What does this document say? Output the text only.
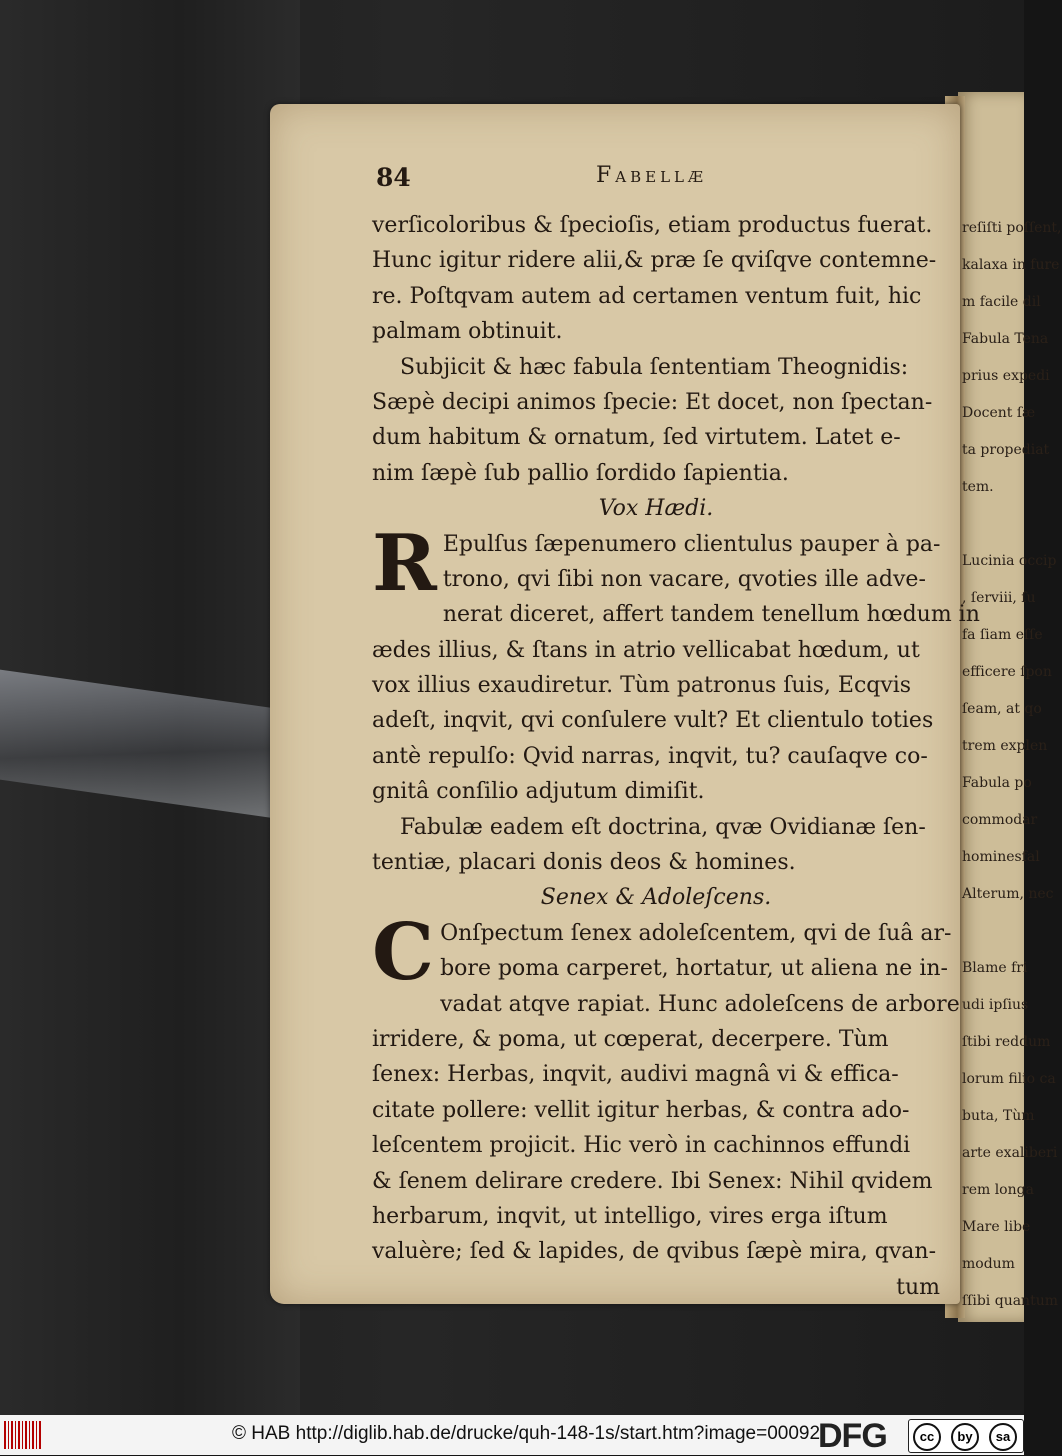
84	Fabellæ
verſicoloribus & ſpecioſis, etiam productus fuerat.
Hunc igitur ridere alii,& præ ſe qviſqve contemne-
re. Poſtqvam autem ad certamen ventum fuit, hic
palmam obtinuit.
Subjicit & hæc fabula ſententiam Theognidis:
Sæpè decipi animos ſpecie: Et docet, non ſpectan-
dum habitum & ornatum, ſed virtutem. Latet e-
nim ſæpè ſub pallio ſordido ſapientia.
Vox Hædi.
R Epulſus ſæpenumero clientulus pauper à pa-
trono, qvi ſibi non vacare, qvoties ille adve-
nerat diceret, affert tandem tenellum hœdum in
ædes illius, & ſtans in atrio vellicabat hœdum, ut
vox illius exaudiretur. Tùm patronus ſuis, Ecqvis
adeſt, inqvit, qvi conſulere vult? Et clientulo toties
antè repulſo: Qvid narras, inqvit, tu? cauſaqve co-
gnitâ conſilio adjutum dimiſit.
Fabulæ eadem eſt doctrina, qvæ Ovidianæ ſen-
tentiæ, placari donis deos & homines.
Senex & Adoleſcens.
C Onſpectum ſenex adoleſcentem, qvi de ſuâ ar-
bore poma carperet, hortatur, ut aliena ne in-
vadat atqve rapiat. Hunc adoleſcens de arbore
irridere, & poma, ut cœperat, decerpere. Tùm
ſenex: Herbas, inqvit, audivi magnâ vi & effica-
citate pollere: vellit igitur herbas, & contra ado-
leſcentem projicit. Hic verò in cachinnos effundi
& ſenem delirare credere. Ibi Senex: Nihil qvidem
herbarum, inqvit, ut intelligo, vires erga iſtum
valuère; ſed & lapides, de qvibus ſæpè mira, qvan-
tum
reſiſti poſſent,
kalaxa in fure
m facile dil
Fabula Tena
prius expedi
Docent ſæ
ta propediat
tem.
Lucinia occip
, ſerviii, ſu
fa ſiam eſſe
efficere ſpon
ſeam, at qo
trem explen
Fabula po
commodar
hominesfal
Alterum, nec
Blame fri
udi ipſius
ſtibi reddum
lorum filio ca
buta, Tùm
arte exaliberi
rem longa
Mare libe
modum
ſſibi quantum
© HAB http://diglib.hab.de/drucke/quh-148-1s/start.htm?image=00092
DFG	cc	by	sa
